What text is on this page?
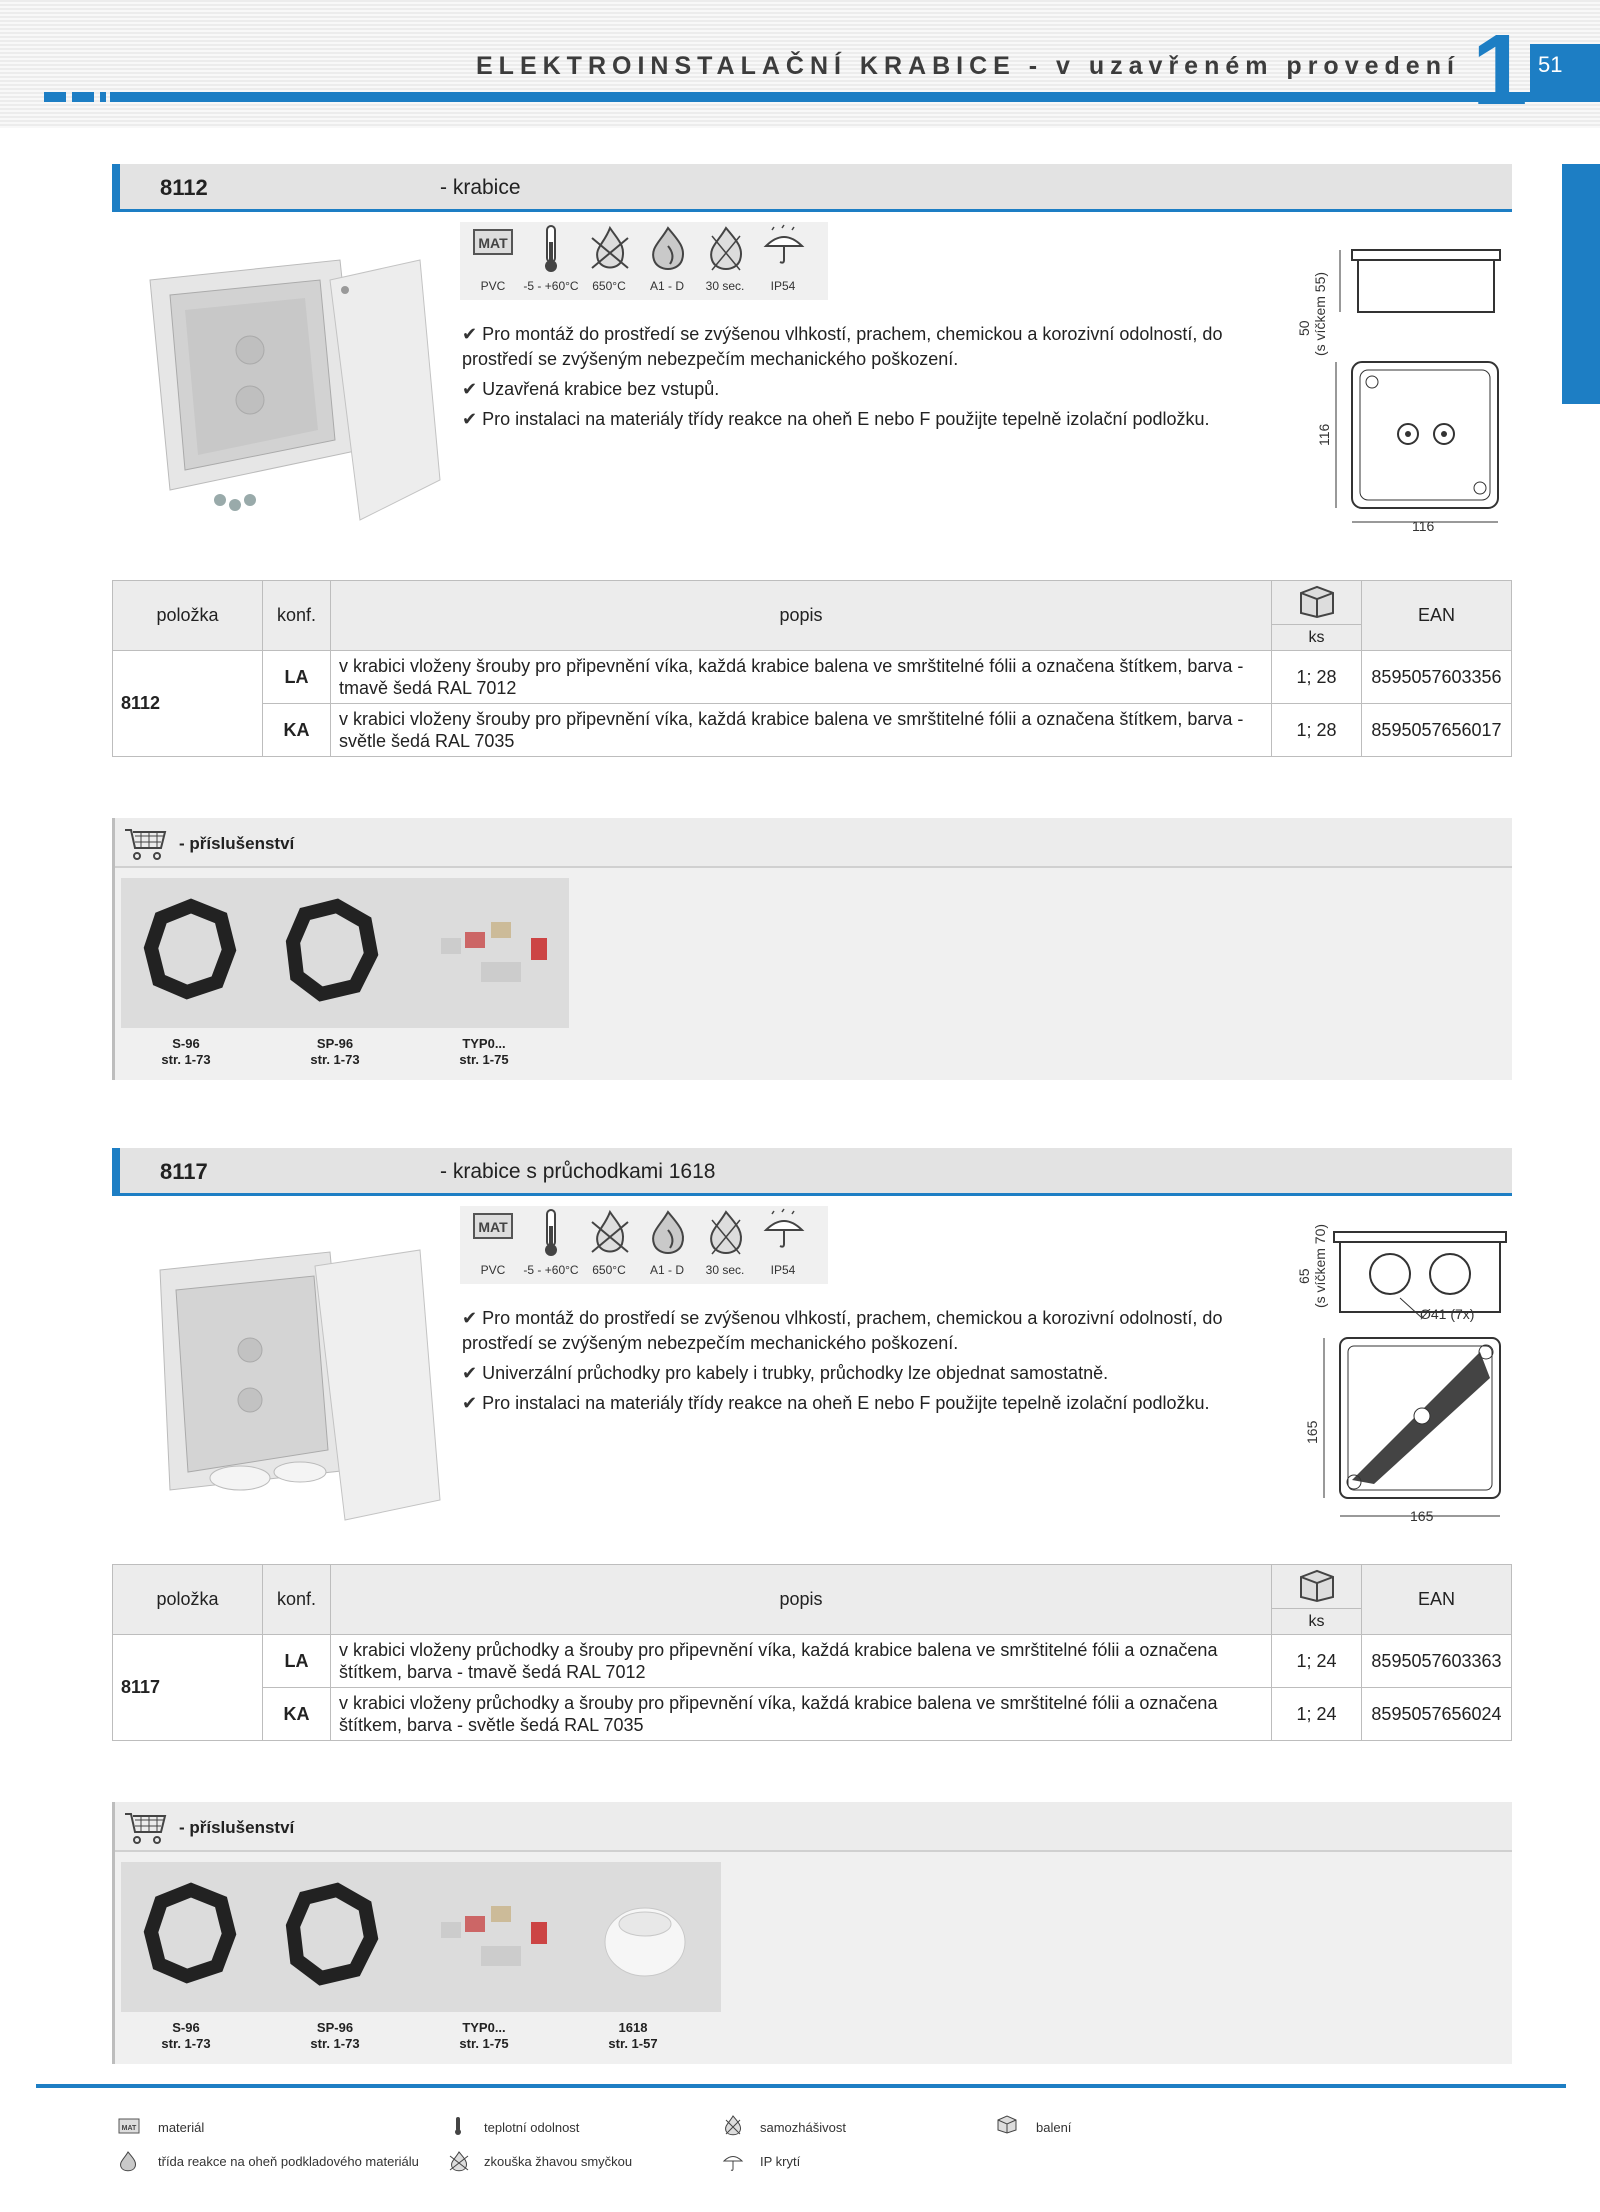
ELEKTROINSTALAČNÍ KRABICE - v uzavřeném provedení 1 51
8112	- krabice
MAT
PVC	-5 - +60°C	650°C	A1 - D	30 sec.	IP54
✔ Pro montáž do prostředí se zvýšenou vlhkostí, prachem, chemickou a korozivní odolností, do prostředí se zvýšeným nebezpečím mechanického poškození.
✔ Uzavřená krabice bez vstupů.
✔ Pro instalaci na materiály třídy reakce na oheň E nebo F použijte tepelně izolační podložku.
50 (s víčkem 55)
116
116
položka	konf.	popis		EAN
			ks	
8112	LA	v krabici vloženy šrouby pro připevnění víka, každá krabice balena ve smrštitelné fólii a označena štítkem, barva - tmavě šedá RAL 7012	1; 28	8595057603356
	KA	v krabici vloženy šrouby pro připevnění víka, každá krabice balena ve smrštitelné fólii a označena štítkem, barva - světle šedá RAL 7035	1; 28	8595057656017
- příslušenství
S-96
str. 1-73
SP-96
str. 1-73
TYP0...
str. 1-75
8117	- krabice s průchodkami 1618
MAT
PVC	-5 - +60°C	650°C	A1 - D	30 sec.	IP54
✔ Pro montáž do prostředí se zvýšenou vlhkostí, prachem, chemickou a korozivní odolností, do prostředí se zvýšeným nebezpečím mechanického poškození.
✔ Univerzální průchodky pro kabely i trubky, průchodky lze objednat samostatně.
✔ Pro instalaci na materiály třídy reakce na oheň E nebo F použijte tepelně izolační podložku.
65 (s víčkem 70)
Ø41 (7x)
165
165
položka	konf.	popis		EAN
			ks	
8117	LA	v krabici vloženy průchodky a šrouby pro připevnění víka, každá krabice balena ve smrštitelné fólii a označena štítkem, barva - tmavě šedá RAL 7012	1; 24	8595057603363
	KA	v krabici vloženy průchodky a šrouby pro připevnění víka, každá krabice balena ve smrštitelné fólii a označena štítkem, barva - světle šedá RAL 7035	1; 24	8595057656024
- příslušenství
S-96
str. 1-73
SP-96
str. 1-73
TYP0...
str. 1-75
1618
str. 1-57
MAT materiál	teplotní odolnost	samozhášivost	balení
třída reakce na oheň podkladového materiálu	zkouška žhavou smyčkou	IP krytí
